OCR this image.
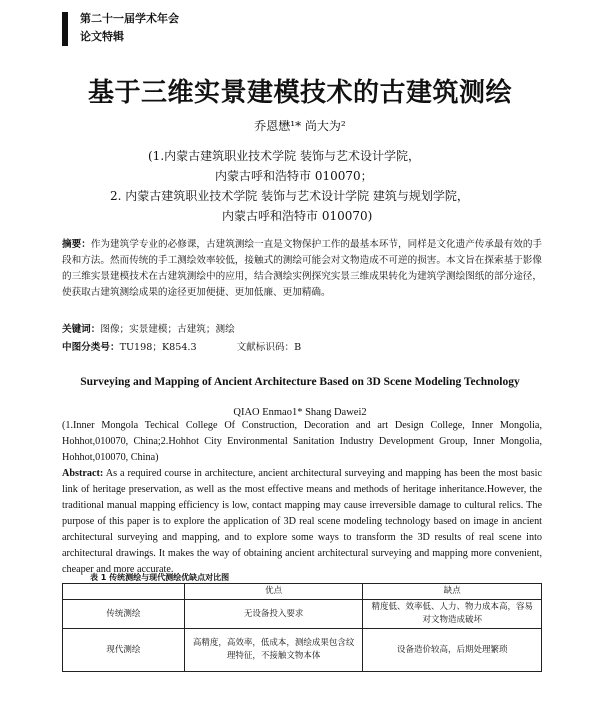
第二十一届学术年会
论文特辑
基于三维实景建模技术的古建筑测绘
乔恩懋¹* 尚大为²
(1.内蒙古建筑职业技术学院 装饰与艺术设计学院，
内蒙古呼和浩特市 010070；
2. 内蒙古建筑职业技术学院 装饰与艺术设计学院 建筑与规划学院，
内蒙古呼和浩特市 010070)
摘要：作为建筑学专业的必修课，古建筑测绘一直是文物保护工作的最基本环节，同样是文化遗产传承最有效的手段和方法。然而传统的手工测绘效率较低，接触式的测绘可能会对文物造成不可逆的损害。本文旨在探索基于影像的三维实景建模技术在古建筑测绘中的应用，结合测绘实例探究实景三维成果转化为建筑学测绘图纸的部分途径，使获取古建筑测绘成果的途径更加便捷、更加低廉、更加精确。
关键词：图像；实景建模；古建筑；测绘
中图分类号：TU198；K854.3	文献标识码：B
Surveying and Mapping of Ancient Architecture Based on 3D Scene Modeling Technology
QIAO Enmao1* Shang Dawei2
(1.Inner Mongola Techical College Of Construction, Decoration and art Design College, Inner Mongolia, Hohhot,010070, China;2.Hohhot City Environmental Sanitation Industry Development Group, Inner Mongolia, Hohhot,010070, China)
Abstract: As a required course in architecture, ancient architectural surveying and mapping has been the most basic link of heritage preservation, as well as the most effective means and methods of heritage inheritance.However, the traditional manual mapping efficiency is low, contact mapping may cause irreversible damage to cultural relics. The purpose of this paper is to explore the application of 3D real scene modeling technology based on image in ancient architectural surveying and mapping, and to explore some ways to transform the 3D results of real scene into architectural drawings. It makes the way of obtaining ancient architectural surveying and mapping more convenient, cheaper and more accurate.
表 1 传统测绘与现代测绘优缺点对比图
	优点	缺点
传统测绘	无设备投入要求	精度低、效率低、人力、物力成本高，容易对文物造成破坏
现代测绘	高精度，高效率，低成本，测绘成果包含纹理特征，不接触文物本体	设备造价较高，后期处理繁琐
